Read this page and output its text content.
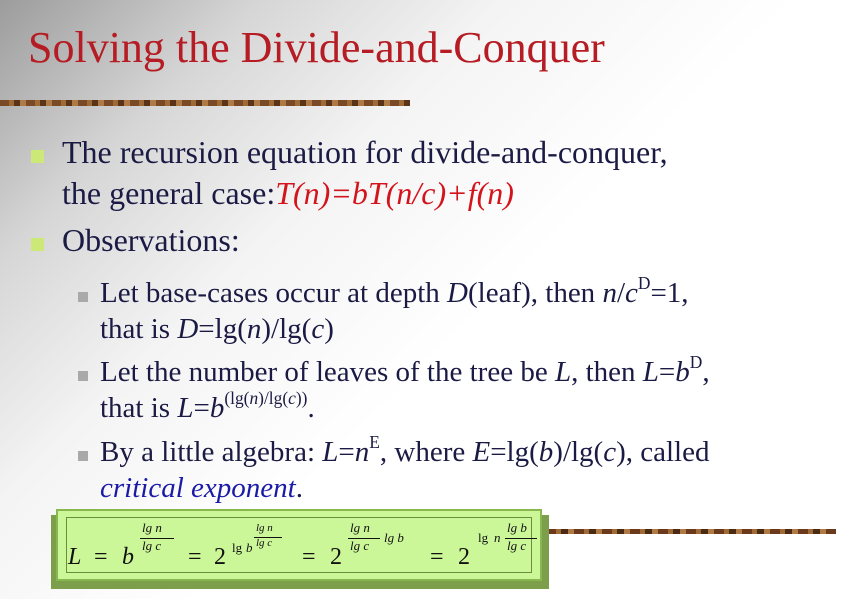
Solving the Divide-and-Conquer
The recursion equation for divide-and-conquer,
the general case:T(n)=bT(n/c)+f(n)
Observations:
Let base-cases occur at depth D(leaf), then $n/c^D=1$,
that is D=lg(n)/lg(c)
Let the number of leaves of the tree be L, then $L=b^D$,
that is $L=b^{(lg(n)/lg(c))}$.
By a little algebra: $L=n^E$, where E=lg(b)/lg(c), called
critical exponent.
L = b
lg n
lg c = 2 lg b
lg n
lg c
= 2
lg n
lg c
lg b
= 2
lg n
lg b
lg c
